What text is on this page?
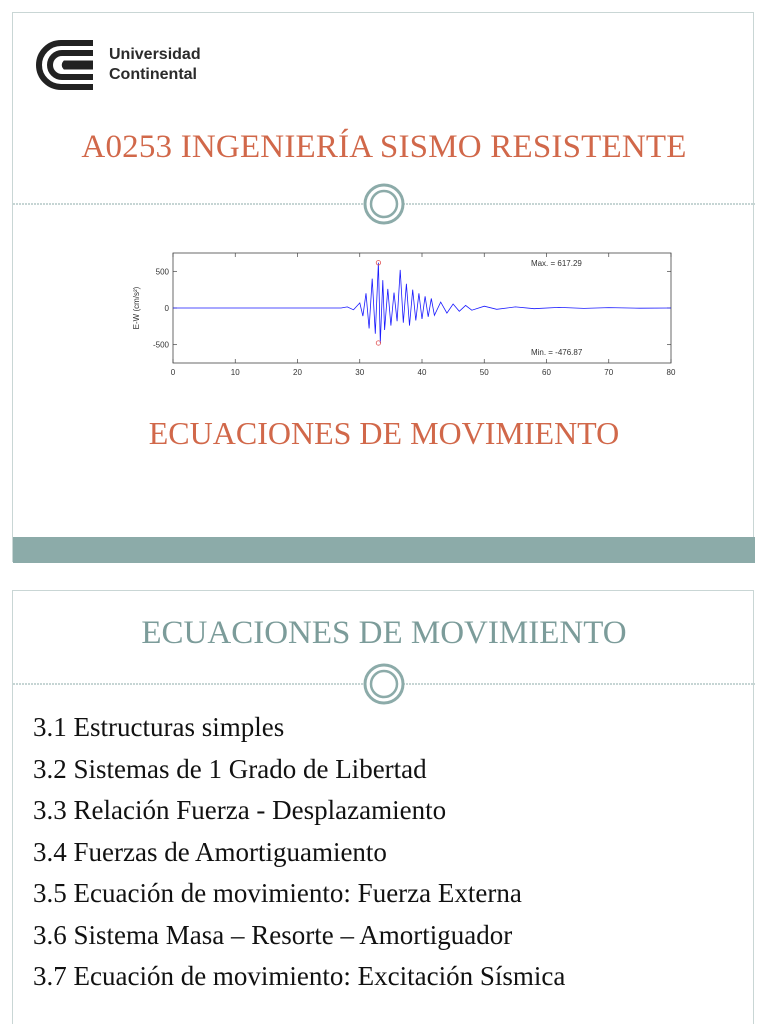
Universidad
Continental
A0253 INGENIERÍA SISMO RESISTENTE
0	10	20	30	40	50	60	70	80
500
0
-500
E-W (cm/s²)
Max. = 617.29
Min. = -476.87
ECUACIONES DE MOVIMIENTO
ECUACIONES DE MOVIMIENTO
3.1 Estructuras simples
3.2 Sistemas de 1 Grado de Libertad
3.3 Relación Fuerza - Desplazamiento
3.4 Fuerzas de Amortiguamiento
3.5 Ecuación de movimiento: Fuerza Externa
3.6 Sistema Masa – Resorte – Amortiguador
3.7 Ecuación de movimiento: Excitación Sísmica
